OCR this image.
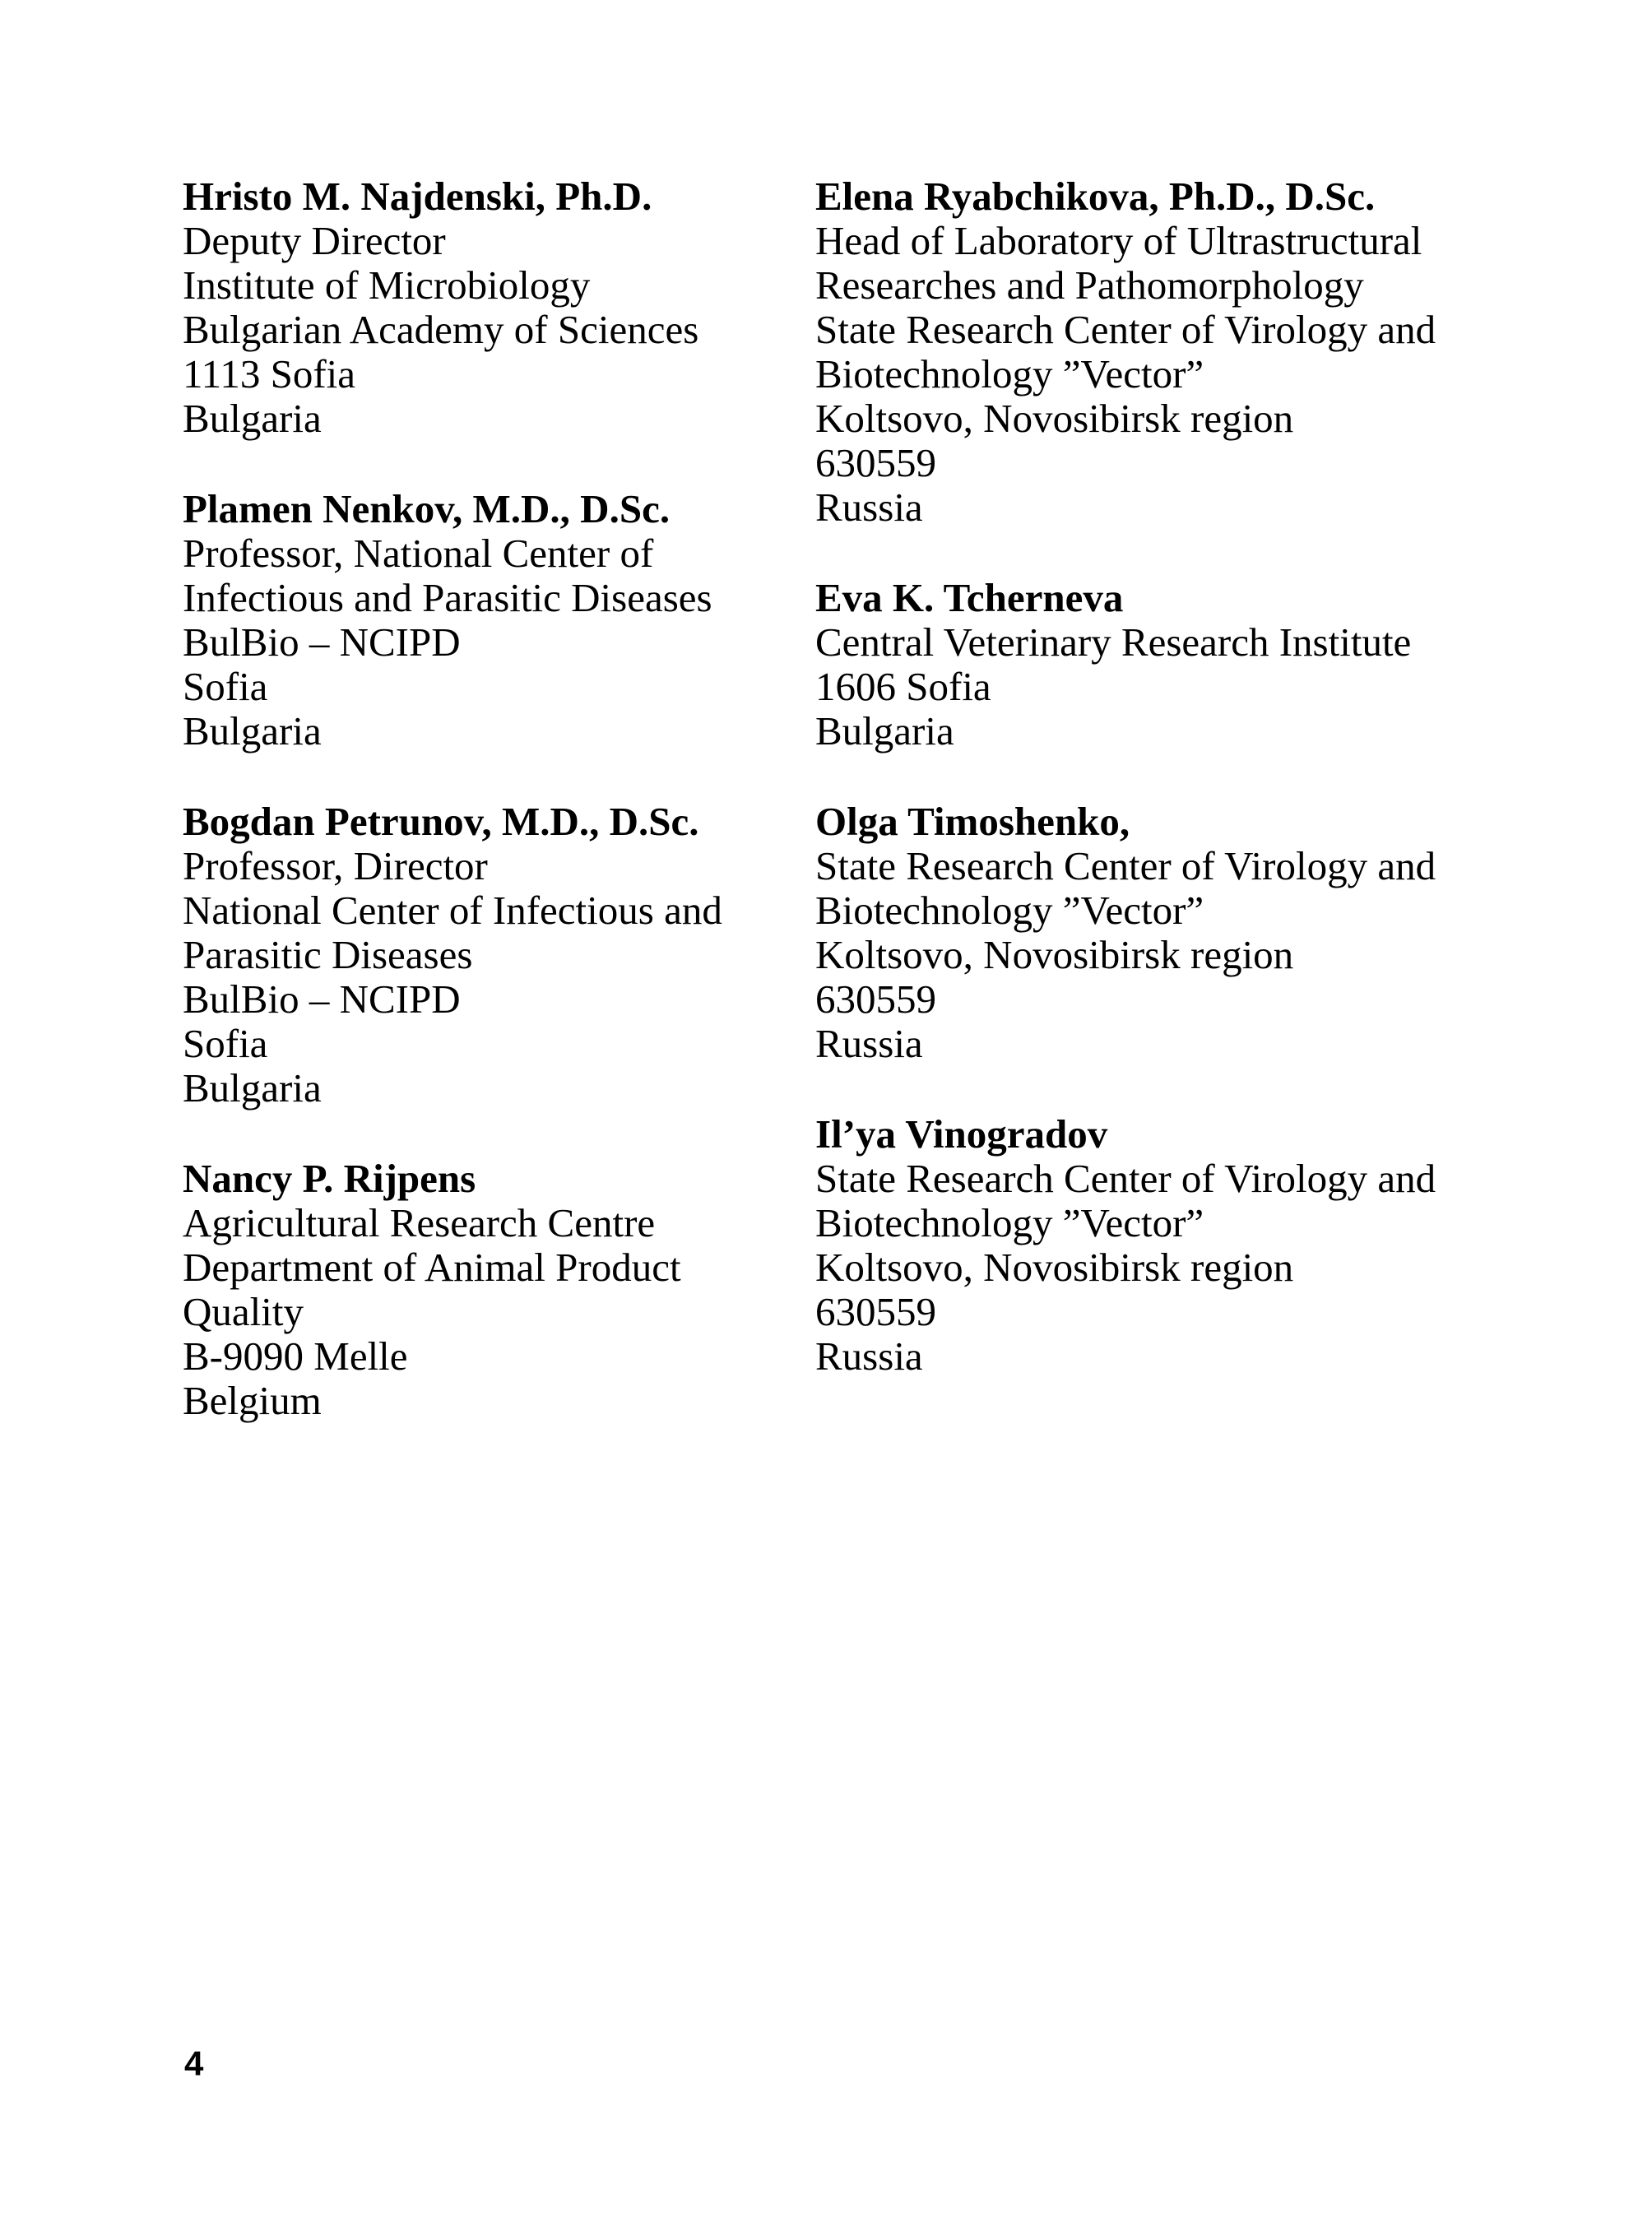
Hristo M. Najdenski, Ph.D.
Deputy Director
Institute of Microbiology
Bulgarian Academy of Sciences
1113 Sofia
Bulgaria
Plamen Nenkov, M.D., D.Sc.
Professor, National Center of
Infectious and Parasitic Diseases
BulBio – NCIPD
Sofia
Bulgaria
Bogdan Petrunov, M.D., D.Sc.
Professor, Director
National Center of Infectious and
Parasitic Diseases
BulBio – NCIPD
Sofia
Bulgaria
Nancy P. Rijpens
Agricultural Research Centre
Department of Animal Product
Quality
B-9090 Melle
Belgium
Elena Ryabchikova, Ph.D., D.Sc.
Head of Laboratory of Ultrastructural
Researches and Pathomorphology
State Research Center of Virology and
Biotechnology ”Vector”
Koltsovo, Novosibirsk region
630559
Russia
Eva K. Tcherneva
Central Veterinary Research Institute
1606 Sofia
Bulgaria
Olga Timoshenko,
State Research Center of Virology and
Biotechnology ”Vector”
Koltsovo, Novosibirsk region
630559
Russia
Il’ya Vinogradov
State Research Center of Virology and
Biotechnology ”Vector”
Koltsovo, Novosibirsk region
630559
Russia
4
